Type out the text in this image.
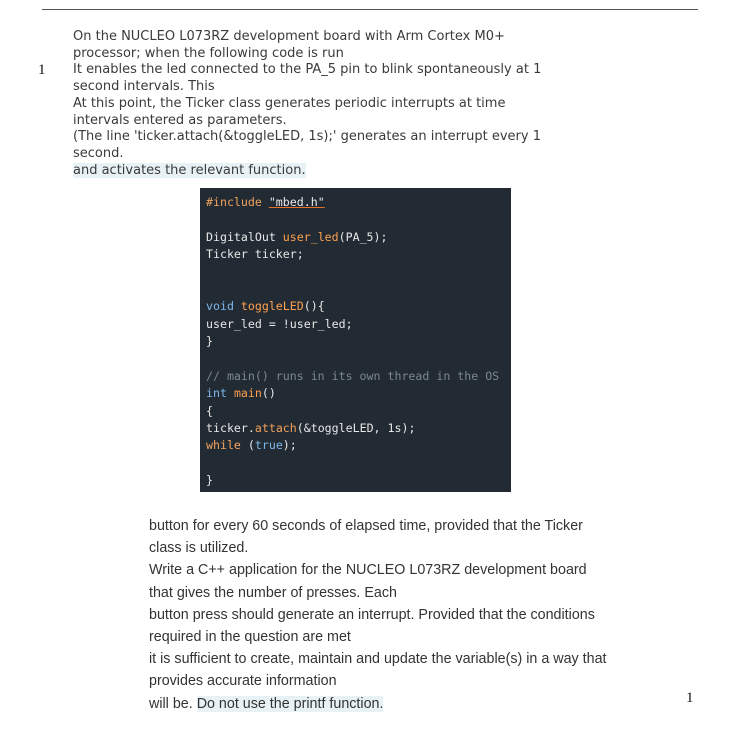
1
On the NUCLEO L073RZ development board with Arm Cortex M0+
processor; when the following code is run
It enables the led connected to the PA_5 pin to blink spontaneously at 1
second intervals. This
At this point, the Ticker class generates periodic interrupts at time
intervals entered as parameters.
(The line 'ticker.attach(&toggleLED, 1s);' generates an interrupt every 1
second.
and activates the relevant function.
#include "mbed.h"
DigitalOut user_led(PA_5);
Ticker ticker;
void toggleLED(){
user_led = !user_led;
}
// main() runs in its own thread in the OS
int main()
{
ticker.attach(&toggleLED, 1s);
while (true);
}
button for every 60 seconds of elapsed time, provided that the Ticker
class is utilized.
Write a C++ application for the NUCLEO L073RZ development board
that gives the number of presses. Each
button press should generate an interrupt. Provided that the conditions
required in the question are met
it is sufficient to create, maintain and update the variable(s) in a way that
provides accurate information
will be. Do not use the printf function.	1
